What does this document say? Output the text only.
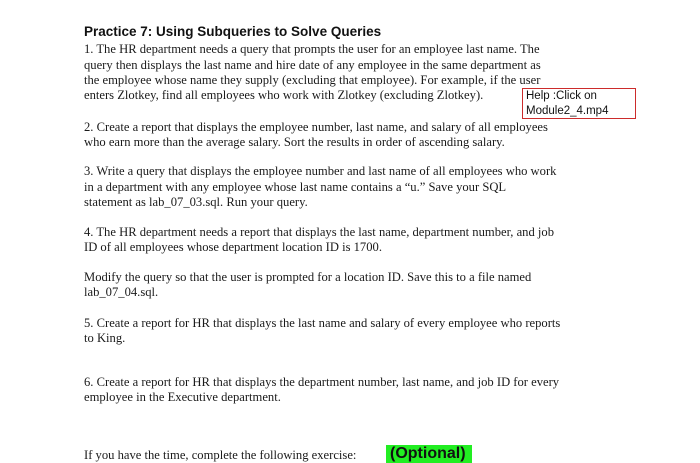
Practice 7: Using Subqueries to Solve Queries
1. The HR department needs a query that prompts the user for an employee last name. The
query then displays the last name and hire date of any employee in the same department as
the employee whose name they supply (excluding that employee). For example, if the user
enters Zlotkey, find all employees who work with Zlotkey (excluding Zlotkey).	Help :Click on
Module2_4.mp4
2. Create a report that displays the employee number, last name, and salary of all employees
who earn more than the average salary. Sort the results in order of ascending salary.
3. Write a query that displays the employee number and last name of all employees who work
in a department with any employee whose last name contains a “u.” Save your SQL
statement as lab_07_03.sql. Run your query.
4. The HR department needs a report that displays the last name, department number, and job
ID of all employees whose department location ID is 1700.
Modify the query so that the user is prompted for a location ID. Save this to a file named
lab_07_04.sql.
5. Create a report for HR that displays the last name and salary of every employee who reports
to King.
6. Create a report for HR that displays the department number, last name, and job ID for every
employee in the Executive department.
If you have the time, complete the following exercise: (Optional)
